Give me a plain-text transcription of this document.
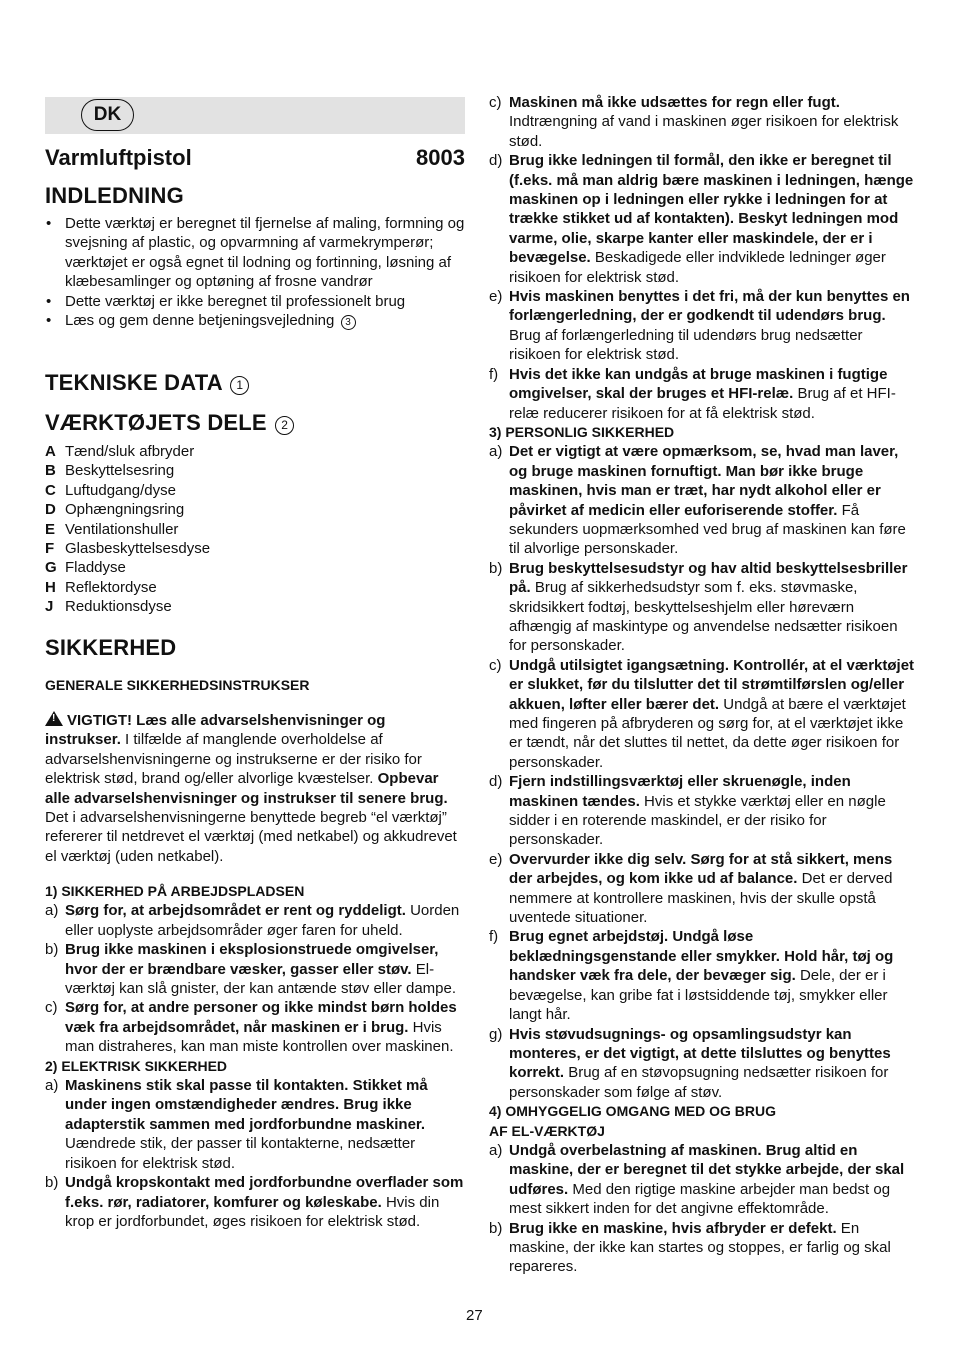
DK
Varmluftpistol	8003
INDLEDNING
• Dette værktøj er beregnet til fjernelse af maling, formning og svejsning af plastic, og opvarmning af varmekrymperør; værktøjet er også egnet til lodning og fortinning, løsning af klæbesamlinger og optøning af frosne vandrør
• Dette værktøj er ikke beregnet til professionelt brug
• Læs og gem denne betjeningsvejledning 3
TEKNISKE DATA 1
VÆRKTØJETS DELE 2
A Tænd/sluk afbryder
B Beskyttelsesring
C Luftudgang/dyse
D Ophængningsring
E Ventilationshuller
F Glasbeskyttelsesdyse
G Fladdyse
H Reflektordyse
J Reduktionsdyse
SIKKERHED
GENERALE SIKKERHEDSINSTRUKSER
!VIGTIGT! Læs alle advarselshenvisninger og instrukser. I tilfælde af manglende overholdelse af advarselshenvisningerne og instrukserne er der risiko for elektrisk stød, brand og/eller alvorlige kvæstelser. Opbevar alle advarselshenvisninger og instrukser til senere brug. Det i advarselshenvisningerne benyttede begreb “el værktøj” refererer til netdrevet el værktøj (med netkabel) og akkudrevet el værktøj (uden netkabel).
1) SIKKERHED PÅ ARBEJDSPLADSEN
a) Sørg for, at arbejdsområdet er rent og ryddeligt. Uorden eller uoplyste arbejdsområder øger faren for uheld.
b) Brug ikke maskinen i eksplosionstruede omgivelser, hvor der er brændbare væsker, gasser eller støv. El-værktøj kan slå gnister, der kan antænde støv eller dampe.
c) Sørg for, at andre personer og ikke mindst børn holdes væk fra arbejdsområdet, når maskinen er i brug. Hvis man distraheres, kan man miste kontrollen over maskinen.
2) ELEKTRISK SIKKERHED
a) Maskinens stik skal passe til kontakten. Stikket må under ingen omstændigheder ændres. Brug ikke adapterstik sammen med jordforbundne maskiner. Uændrede stik, der passer til kontakterne, nedsætter risikoen for elektrisk stød.
b) Undgå kropskontakt med jordforbundne overflader som f.eks. rør, radiatorer, komfurer og køleskabe. Hvis din krop er jordforbundet, øges risikoen for elektrisk stød.
c) Maskinen må ikke udsættes for regn eller fugt. Indtrængning af vand i maskinen øger risikoen for elektrisk stød.
d) Brug ikke ledningen til formål, den ikke er beregnet til (f.eks. må man aldrig bære maskinen i ledningen, hænge maskinen op i ledningen eller rykke i ledningen for at trække stikket ud af kontakten). Beskyt ledningen mod varme, olie, skarpe kanter eller maskindele, der er i bevægelse. Beskadigede eller indviklede ledninger øger risikoen for elektrisk stød.
e) Hvis maskinen benyttes i det fri, må der kun benyttes en forlængerledning, der er godkendt til udendørs brug. Brug af forlængerledning til udendørs brug nedsætter risikoen for elektrisk stød.
f) Hvis det ikke kan undgås at bruge maskinen i fugtige omgivelser, skal der bruges et HFI-relæ. Brug af et HFI-relæ reducerer risikoen for at få elektrisk stød.
3) PERSONLIG SIKKERHED
a) Det er vigtigt at være opmærksom, se, hvad man laver, og bruge maskinen fornuftigt. Man bør ikke bruge maskinen, hvis man er træt, har nydt alkohol eller er påvirket af medicin eller euforiserende stoffer. Få sekunders uopmærksomhed ved brug af maskinen kan føre til alvorlige personskader.
b) Brug beskyttelsesudstyr og hav altid beskyttelsesbriller på. Brug af sikkerhedsudstyr som f. eks. støvmaske, skridsikkert fodtøj, beskyttelseshjelm eller høreværn afhængig af maskintype og anvendelse nedsætter risikoen for personskader.
c) Undgå utilsigtet igangsætning. Kontrollér, at el værktøjet er slukket, før du tilslutter det til strømtilførslen og/eller akkuen, løfter eller bærer det. Undgå at bære el værktøjet med fingeren på afbryderen og sørg for, at el værktøjet ikke er tændt, når det sluttes til nettet, da dette øger risikoen for personskader.
d) Fjern indstillingsværktøj eller skruenøgle, inden maskinen tændes. Hvis et stykke værktøj eller en nøgle sidder i en roterende maskindel, er der risiko for personskader.
e) Overvurder ikke dig selv. Sørg for at stå sikkert, mens der arbejdes, og kom ikke ud af balance. Det er derved nemmere at kontrollere maskinen, hvis der skulle opstå uventede situationer.
f) Brug egnet arbejdstøj. Undgå løse beklædningsgenstande eller smykker. Hold hår, tøj og handsker væk fra dele, der bevæger sig. Dele, der er i bevægelse, kan gribe fat i løstsiddende tøj, smykker eller langt hår.
g) Hvis støvudsugnings- og opsamlingsudstyr kan monteres, er det vigtigt, at dette tilsluttes og benyttes korrekt. Brug af en støvopsugning nedsætter risikoen for personskader som følge af støv.
4) OMHYGGELIG OMGANG MED OG BRUG AF EL-VÆRKTØJ
a) Undgå overbelastning af maskinen. Brug altid en maskine, der er beregnet til det stykke arbejde, der skal udføres. Med den rigtige maskine arbejder man bedst og mest sikkert inden for det angivne effektområde.
b) Brug ikke en maskine, hvis afbryder er defekt. En maskine, der ikke kan startes og stoppes, er farlig og skal repareres.
27
